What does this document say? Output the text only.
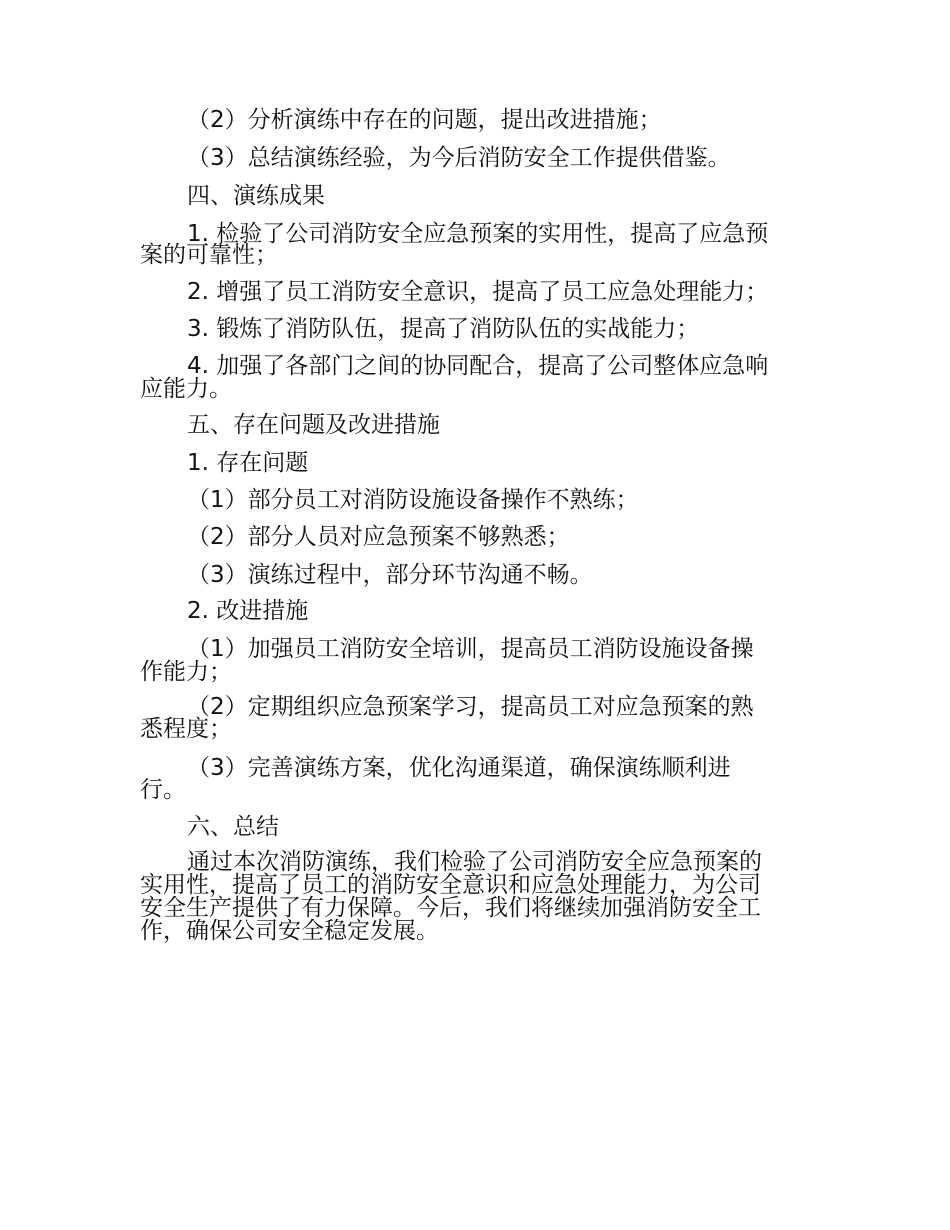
（2）分析演练中存在的问题，提出改进措施；

（3）总结演练经验，为今后消防安全工作提供借鉴。

四、演练成果

1. 检验了公司消防安全应急预案的实用性，提高了应急预

案的可靠性；

2. 增强了员工消防安全意识，提高了员工应急处理能力；

3. 锻炼了消防队伍，提高了消防队伍的实战能力；

4. 加强了各部门之间的协同配合，提高了公司整体应急响

应能力。

五、存在问题及改进措施

1. 存在问题

（1）部分员工对消防设施设备操作不熟练；

（2）部分人员对应急预案不够熟悉；

（3）演练过程中，部分环节沟通不畅。

2. 改进措施

（1）加强员工消防安全培训，提高员工消防设施设备操

作能力；

（2）定期组织应急预案学习，提高员工对应急预案的熟

悉程度；

（3）完善演练方案，优化沟通渠道，确保演练顺利进

行。

六、总结

通过本次消防演练，我们检验了公司消防安全应急预案的

实用性，提高了员工的消防安全意识和应急处理能力，为公司

安全生产提供了有力保障。今后，我们将继续加强消防安全工

作，确保公司安全稳定发展。
